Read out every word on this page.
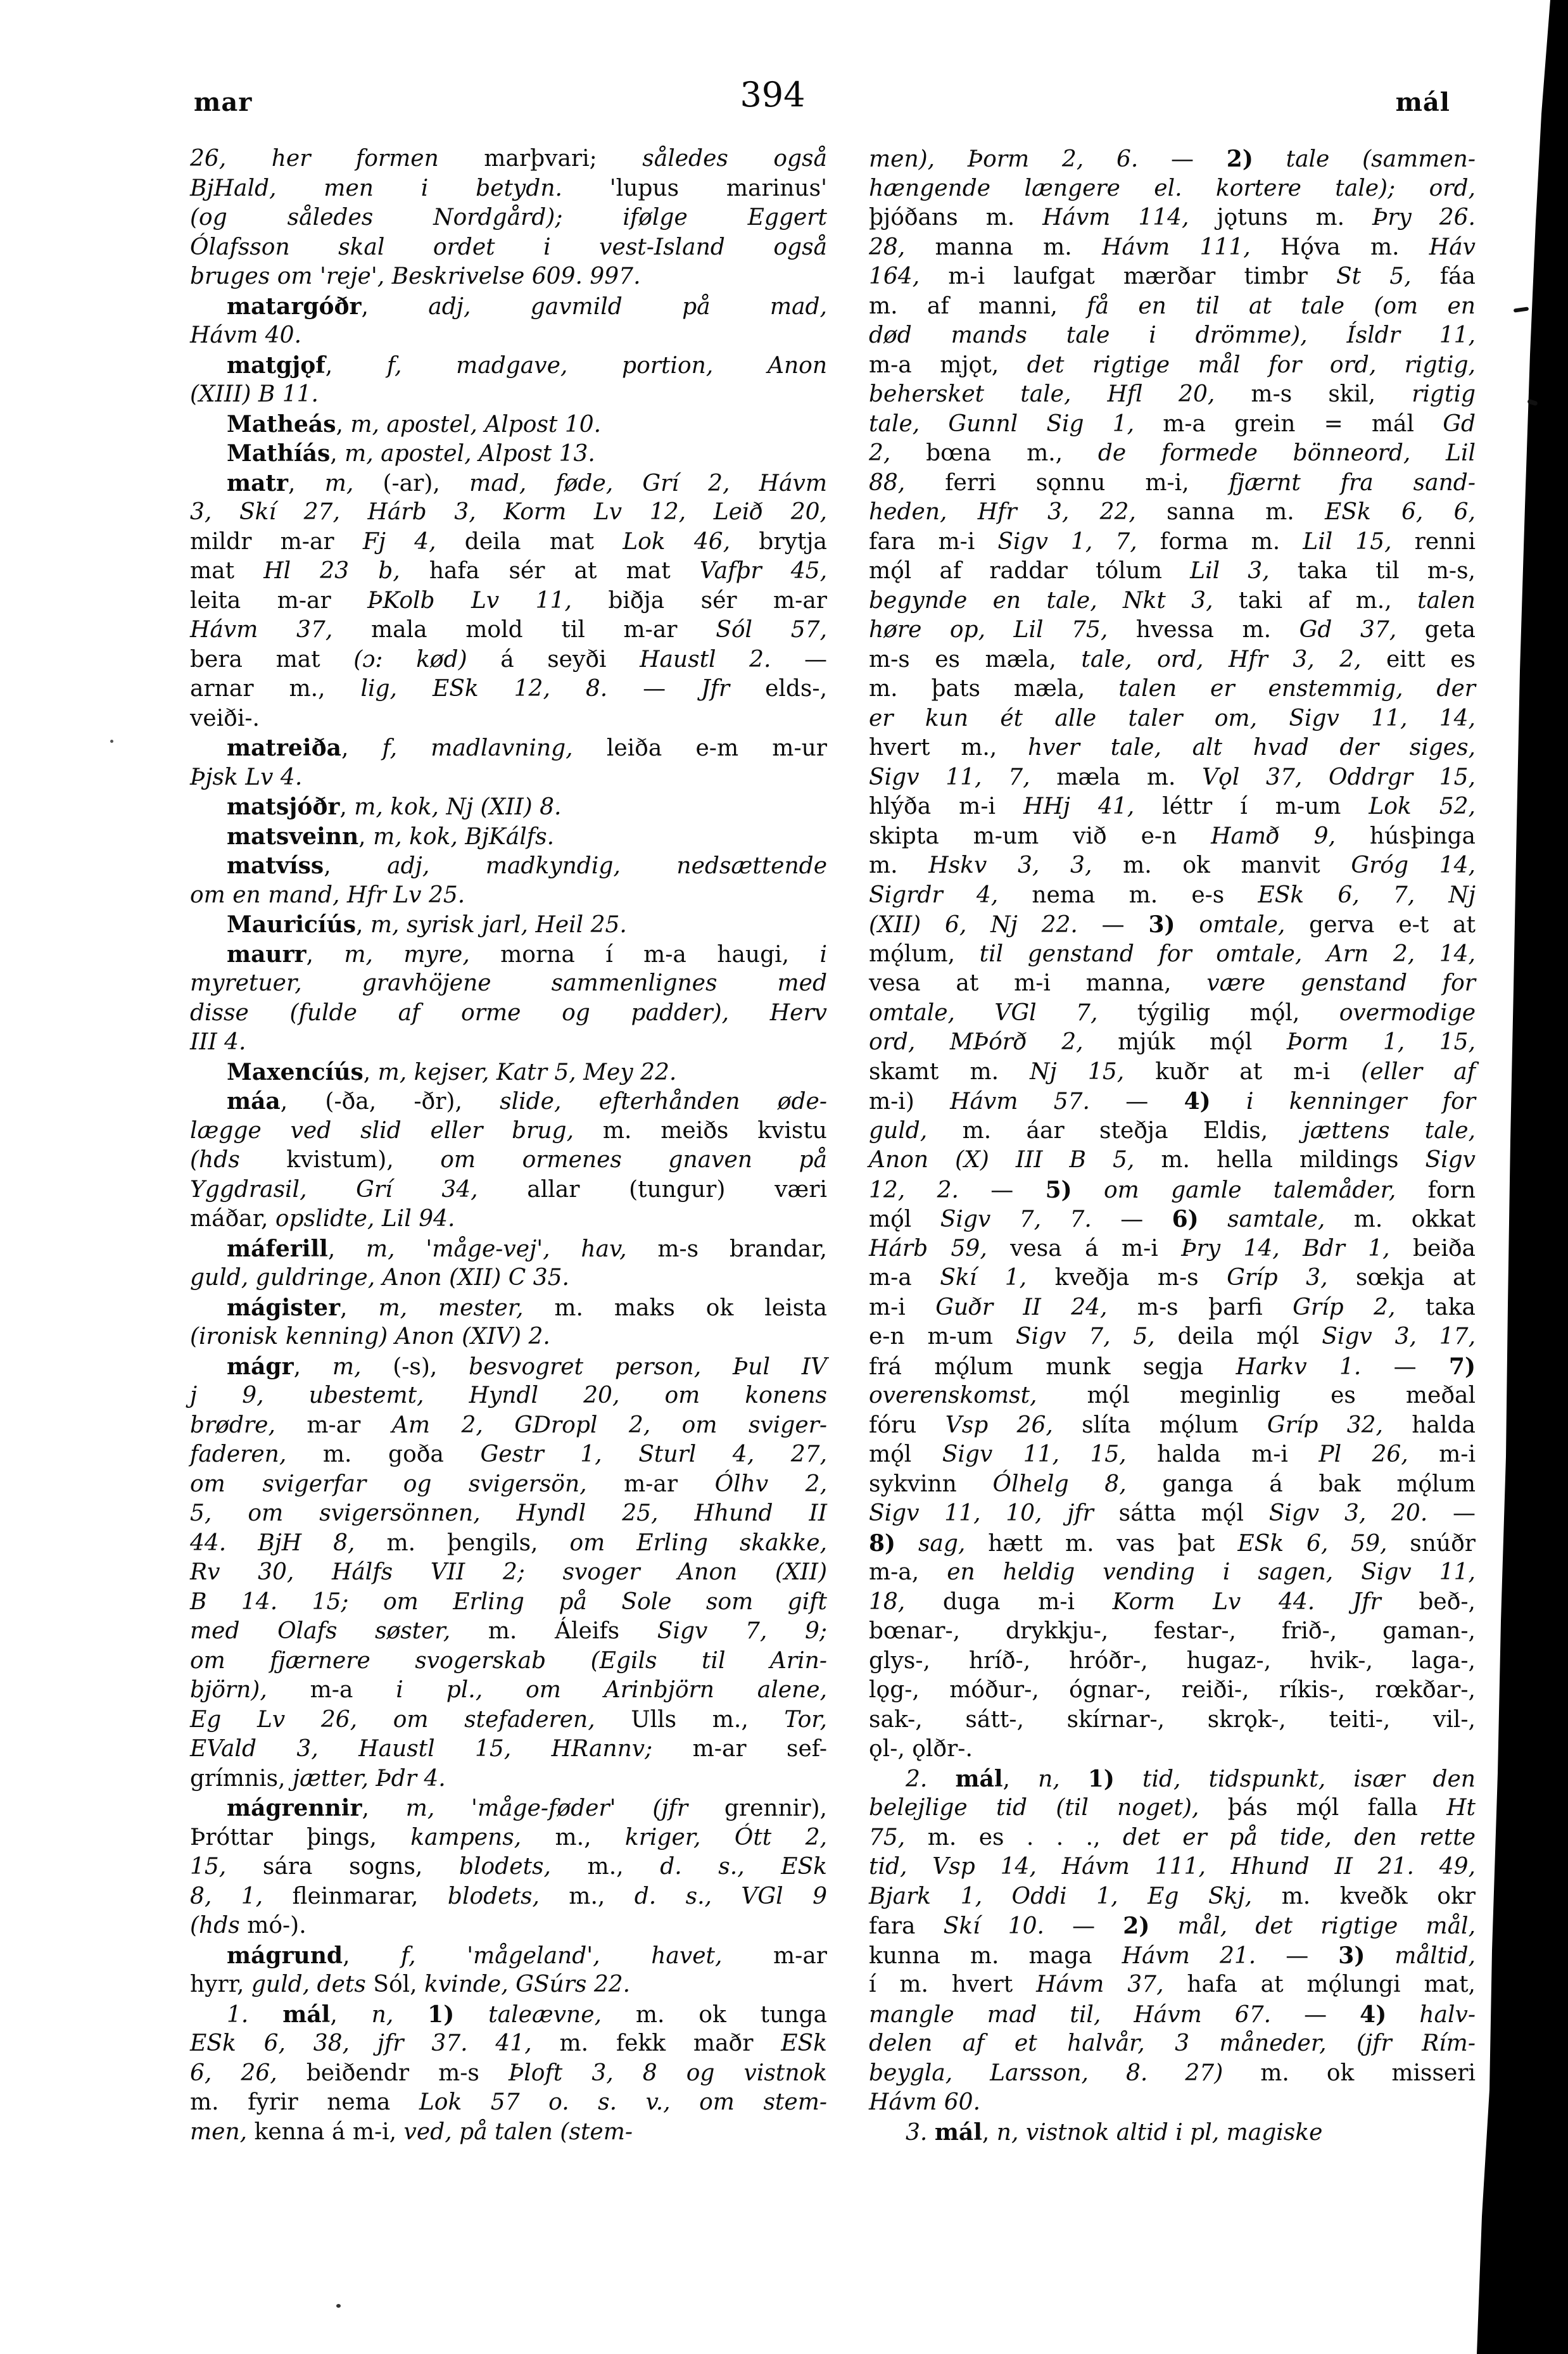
mar	394	mál
26, her formen marþvari; således også
BjHald, men i betydn. 'lupus marinus'
(og således Nordgård); ifølge Eggert
Ólafsson skal ordet i vest-Island også
bruges om 'reje', Beskrivelse 609. 997.
matargóðr, adj, gavmild på mad,
Hávm 40.
matgjǫf, f, madgave, portion, Anon
(XIII) B 11.
Matheás, m, apostel, Alpost 10.
Mathíás, m, apostel, Alpost 13.
matr, m, (-ar), mad, føde, Grí 2, Hávm
3, Skí 27, Hárb 3, Korm Lv 12, Leið 20,
mildr m-ar Fj 4, deila mat Lok 46, brytja
mat Hl 23 b, hafa sér at mat Vafþr 45,
leita m-ar ÞKolb Lv 11, biðja sér m-ar
Hávm 37, mala mold til m-ar Sól 57,
bera mat (ɔ: kød) á seyði Haustl 2. —
arnar m., lig, ESk 12, 8. — Jfr elds-,
veiði-.
matreiða, f, madlavning, leiða e-m m-ur
Þjsk Lv 4.
matsjóðr, m, kok, Nj (XII) 8.
matsveinn, m, kok, BjKálfs.
matvíss, adj, madkyndig, nedsættende
om en mand, Hfr Lv 25.
Mauricíús, m, syrisk jarl, Heil 25.
maurr, m, myre, morna í m-a haugi, i
myretuer, gravhöjene sammenlignes med
disse (fulde af orme og padder), Herv
III 4.
Maxencíús, m, kejser, Katr 5, Mey 22.
máa, (-ða, -ðr), slide, efterhånden øde-
lægge ved slid eller brug, m. meiðs kvistu
(hds kvistum), om ormenes gnaven på
Yggdrasil, Grí 34, allar (tungur) væri
máðar, opslidte, Lil 94.
máferill, m, 'måge-vej', hav, m-s brandar,
guld, guldringe, Anon (XII) C 35.
mágister, m, mester, m. maks ok leista
(ironisk kenning) Anon (XIV) 2.
mágr, m, (-s), besvogret person, Þul IV
j 9, ubestemt, Hyndl 20, om konens
brødre, m-ar Am 2, GDropl 2, om sviger-
faderen, m. goða Gestr 1, Sturl 4, 27,
om svigerfar og svigersön, m-ar Ólhv 2,
5, om svigersönnen, Hyndl 25, Hhund II
44. BjH 8, m. þengils, om Erling skakke,
Rv 30, Hálfs VII 2; svoger Anon (XII)
B 14. 15; om Erling på Sole som gift
med Olafs søster, m. Áleifs Sigv 7, 9;
om fjærnere svogerskab (Egils til Arin-
björn), m-a i pl., om Arinbjörn alene,
Eg Lv 26, om stefaderen, Ulls m., Tor,
EVald 3, Haustl 15, HRannv; m-ar sef-
grímnis, jætter, Þdr 4.
mágrennir, m, 'måge-føder' (jfr grennir),
Þróttar þings, kampens, m., kriger, Ótt 2,
15, sára sogns, blodets, m., d. s., ESk
8, 1, fleinmarar, blodets, m., d. s., VGl 9
(hds mó-).
mágrund, f, 'mågeland', havet, m-ar
hyrr, guld, dets Sól, kvinde, GSúrs 22.
1. mál, n, 1) taleævne, m. ok tunga
ESk 6, 38, jfr 37. 41, m. fekk maðr ESk
6, 26, beiðendr m-s Þloft 3, 8 og vistnok
m. fyrir nema Lok 57 o. s. v., om stem-
men, kenna á m-i, ved, på talen (stem-
men), Þorm 2, 6. — 2) tale (sammen-
hængende længere el. kortere tale); ord,
þjóðans m. Hávm 114, jǫtuns m. Þry 26.
28, manna m. Hávm 111, Hǫ́va m. Háv
164, m-i laufgat mærðar timbr St 5, fáa
m. af manni, få en til at tale (om en
død mands tale i drömme), Ísldr 11,
m-a mjǫt, det rigtige mål for ord, rigtig,
behersket tale, Hfl 20, m-s skil, rigtig
tale, Gunnl Sig 1, m-a grein = mál Gd
2, bœna m., de formede bönneord, Lil
88, ferri sǫnnu m-i, fjærnt fra sand-
heden, Hfr 3, 22, sanna m. ESk 6, 6,
fara m-i Sigv 1, 7, forma m. Lil 15, renni
mǫ́l af raddar tólum Lil 3, taka til m-s,
begynde en tale, Nkt 3, taki af m., talen
høre op, Lil 75, hvessa m. Gd 37, geta
m-s es mæla, tale, ord, Hfr 3, 2, eitt es
m. þats mæla, talen er enstemmig, der
er kun ét alle taler om, Sigv 11, 14,
hvert m., hver tale, alt hvad der siges,
Sigv 11, 7, mæla m. Vǫl 37, Oddrgr 15,
hlýða m-i HHj 41, léttr í m-um Lok 52,
skipta m-um við e-n Hamð 9, húsþinga
m. Hskv 3, 3, m. ok manvit Gróg 14,
Sigrdr 4, nema m. e-s ESk 6, 7, Nj
(XII) 6, Nj 22. — 3) omtale, gerva e-t at
mǫ́lum, til genstand for omtale, Arn 2, 14,
vesa at m-i manna, være genstand for
omtale, VGl 7, týgilig mǫ́l, overmodige
ord, MÞórð 2, mjúk mǫ́l Þorm 1, 15,
skamt m. Nj 15, kuðr at m-i (eller af
m-i) Hávm 57. — 4) i kenninger for
guld, m. áar steðja Eldis, jættens tale,
Anon (X) III B 5, m. hella mildings Sigv
12, 2. — 5) om gamle talemåder, forn
mǫ́l Sigv 7, 7. — 6) samtale, m. okkat
Hárb 59, vesa á m-i Þry 14, Bdr 1, beiða
m-a Skí 1, kveðja m-s Gríp 3, sœkja at
m-i Guðr II 24, m-s þarfi Gríp 2, taka
e-n m-um Sigv 7, 5, deila mǫ́l Sigv 3, 17,
frá mǫ́lum munk segja Harkv 1. — 7)
overenskomst, mǫ́l meginlig es meðal
fóru Vsp 26, slíta mǫ́lum Gríp 32, halda
mǫ́l Sigv 11, 15, halda m-i Pl 26, m-i
sykvinn Ólhelg 8, ganga á bak mǫ́lum
Sigv 11, 10, jfr sátta mǫ́l Sigv 3, 20. —
8) sag, hætt m. vas þat ESk 6, 59, snúðr
m-a, en heldig vending i sagen, Sigv 11,
18, duga m-i Korm Lv 44. Jfr beð-,
bœnar-, drykkju-, festar-, frið-, gaman-,
glys-, hríð-, hróðr-, hugaz-, hvik-, laga-,
lǫg-, móður-, ógnar-, reiði-, ríkis-, rœkðar-,
sak-, sátt-, skírnar-, skrǫk-, teiti-, vil-,
ǫl-, ǫlðr-.
2. mál, n, 1) tid, tidspunkt, især den
belejlige tid (til noget), þás mǫ́l falla Ht
75, m. es . . ., det er på tide, den rette
tid, Vsp 14, Hávm 111, Hhund II 21. 49,
Bjark 1, Oddi 1, Eg Skj, m. kveðk okr
fara Skí 10. — 2) mål, det rigtige mål,
kunna m. maga Hávm 21. — 3) måltid,
í m. hvert Hávm 37, hafa at mǫ́lungi mat,
mangle mad til, Hávm 67. — 4) halv-
delen af et halvår, 3 måneder, (jfr Rím-
beygla, Larsson, 8. 27) m. ok misseri
Hávm 60.
3. mál, n, vistnok altid i pl, magiske
